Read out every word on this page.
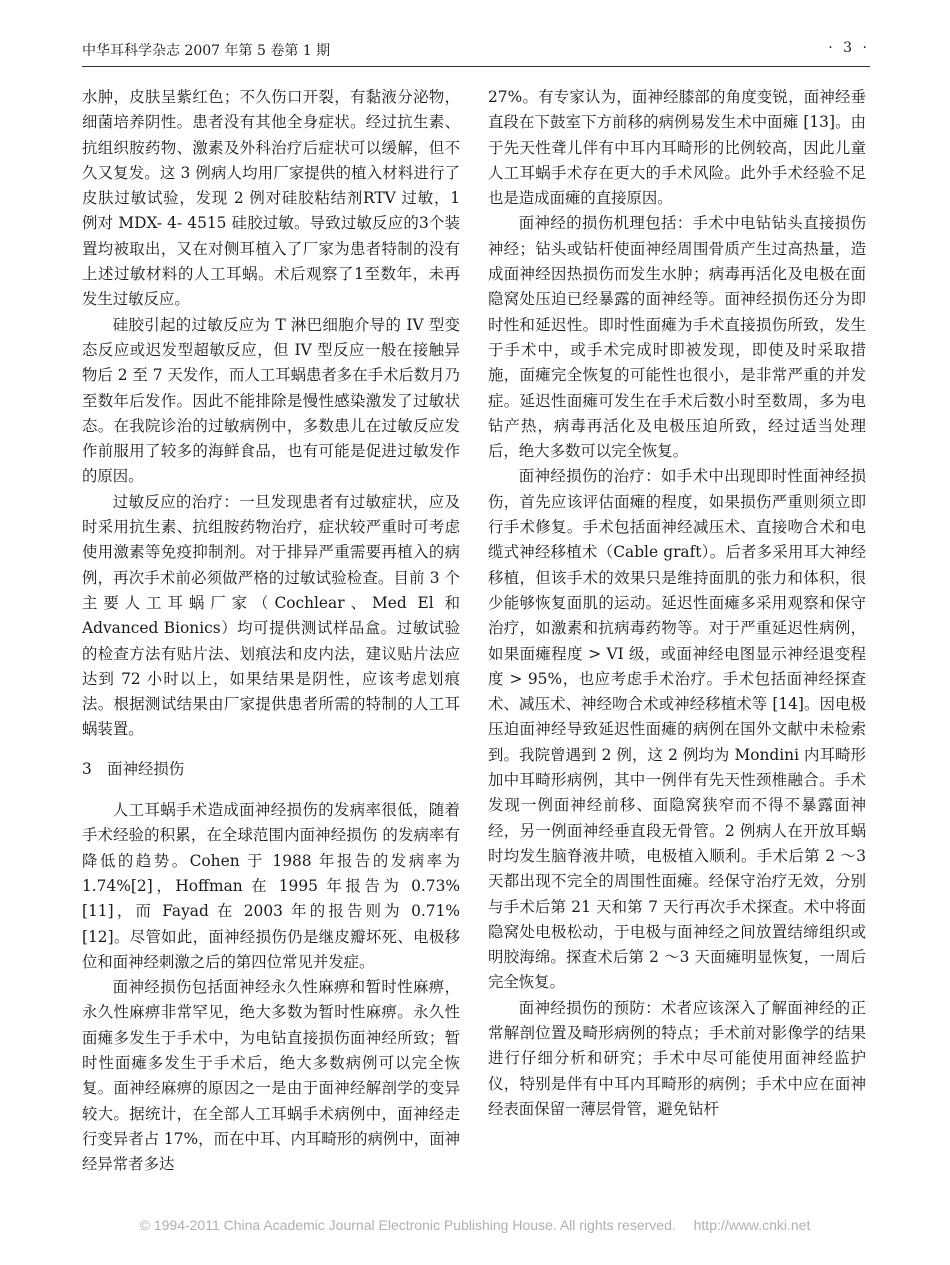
中华耳科学杂志 2007 年第 5 卷第 1 期	· 3 ·

水肿，皮肤呈紫红色；不久伤口开裂，有黏液分泌物，细菌培养阴性。患者没有其他全身症状。经过抗生素、抗组织胺药物、激素及外科治疗后症状可以缓解，但不久又复发。这 3 例病人均用厂家提供的植入材料进行了皮肤过敏试验，发现 2 例对硅胶粘结剂RTV 过敏，1 例对 MDX- 4- 4515 硅胶过敏。导致过敏反应的3个装置均被取出，又在对侧耳植入了厂家为患者特制的没有上述过敏材料的人工耳蜗。术后观察了1至数年，未再发生过敏反应。

硅胶引起的过敏反应为 T 淋巴细胞介导的 IV 型变态反应或迟发型超敏反应，但 IV 型反应一般在接触异物后 2 至 7 天发作，而人工耳蜗患者多在手术后数月乃至数年后发作。因此不能排除是慢性感染激发了过敏状态。在我院诊治的过敏病例中，多数患儿在过敏反应发作前服用了较多的海鲜食品，也有可能是促进过敏发作的原因。

过敏反应的治疗：一旦发现患者有过敏症状，应及时采用抗生素、抗组胺药物治疗，症状较严重时可考虑使用激素等免疫抑制剂。对于排异严重需要再植入的病例，再次手术前必须做严格的过敏试验检查。目前 3 个主要人工耳蜗厂家（Cochlear、Med El 和 Advanced Bionics）均可提供测试样品盒。过敏试验的检查方法有贴片法、划痕法和皮内法，建议贴片法应达到 72 小时以上，如果结果是阴性，应该考虑划痕法。根据测试结果由厂家提供患者所需的特制的人工耳蜗装置。

3　面神经损伤

人工耳蜗手术造成面神经损伤的发病率很低，随着手术经验的积累，在全球范围内面神经损伤 的发病率有降低的趋势。Cohen 于 1988 年报告的发病率为 1.74%[2]，Hoffman 在 1995 年报告为 0.73% [11]，而 Fayad 在 2003 年的报告则为 0.71% [12]。尽管如此，面神经损伤仍是继皮瓣坏死、电极移位和面神经刺激之后的第四位常见并发症。

面神经损伤包括面神经永久性麻痹和暂时性麻痹，永久性麻痹非常罕见，绝大多数为暂时性麻痹。永久性面瘫多发生于手术中，为电钻直接损伤面神经所致；暂时性面瘫多发生于手术后，绝大多数病例可以完全恢复。面神经麻痹的原因之一是由于面神经解剖学的变异较大。据统计，在全部人工耳蜗手术病例中，面神经走行变异者占 17%，而在中耳、内耳畸形的病例中，面神经异常者多达

27%。有专家认为，面神经膝部的角度变锐，面神经垂直段在下鼓室下方前移的病例易发生术中面瘫 [13]。由于先天性聋儿伴有中耳内耳畸形的比例较高，因此儿童人工耳蜗手术存在更大的手术风险。此外手术经验不足也是造成面瘫的直接原因。

面神经的损伤机理包括：手术中电钻钻头直接损伤神经；钻头或钻杆使面神经周围骨质产生过高热量，造成面神经因热损伤而发生水肿；病毒再活化及电极在面隐窝处压迫已经暴露的面神经等。面神经损伤还分为即时性和延迟性。即时性面瘫为手术直接损伤所致，发生于手术中，或手术完成时即被发现，即使及时采取措施，面瘫完全恢复的可能性也很小，是非常严重的并发症。延迟性面瘫可发生在手术后数小时至数周，多为电钻产热，病毒再活化及电极压迫所致，经过适当处理后，绝大多数可以完全恢复。

面神经损伤的治疗：如手术中出现即时性面神经损伤，首先应该评估面瘫的程度，如果损伤严重则须立即行手术修复。手术包括面神经减压术、直接吻合术和电缆式神经移植术（Cable graft）。后者多采用耳大神经移植，但该手术的效果只是维持面肌的张力和体积，很少能够恢复面肌的运动。延迟性面瘫多采用观察和保守治疗，如激素和抗病毒药物等。对于严重延迟性病例，如果面瘫程度 > VI 级，或面神经电图显示神经退变程度 > 95%，也应考虑手术治疗。手术包括面神经探查术、减压术、神经吻合术或神经移植术等 [14]。因电极压迫面神经导致延迟性面瘫的病例在国外文献中未检索到。我院曾遇到 2 例，这 2 例均为 Mondini 内耳畸形加中耳畸形病例，其中一例伴有先天性颈椎融合。手术发现一例面神经前移、面隐窝狭窄而不得不暴露面神经，另一例面神经垂直段无骨管。2 例病人在开放耳蜗时均发生脑脊液井喷，电极植入顺利。手术后第 2 ～3 天都出现不完全的周围性面瘫。经保守治疗无效，分别与手术后第 21 天和第 7 天行再次手术探查。术中将面隐窝处电极松动，于电极与面神经之间放置结缔组织或明胶海绵。探查术后第 2 ～3 天面瘫明显恢复，一周后完全恢复。

面神经损伤的预防：术者应该深入了解面神经的正常解剖位置及畸形病例的特点；手术前对影像学的结果进行仔细分析和研究；手术中尽可能使用面神经监护仪，特别是伴有中耳内耳畸形的病例；手术中应在面神经表面保留一薄层骨管，避免钻杆

© 1994-2011 China Academic Journal Electronic Publishing House. All rights reserved.　 http://www.cnki.net
